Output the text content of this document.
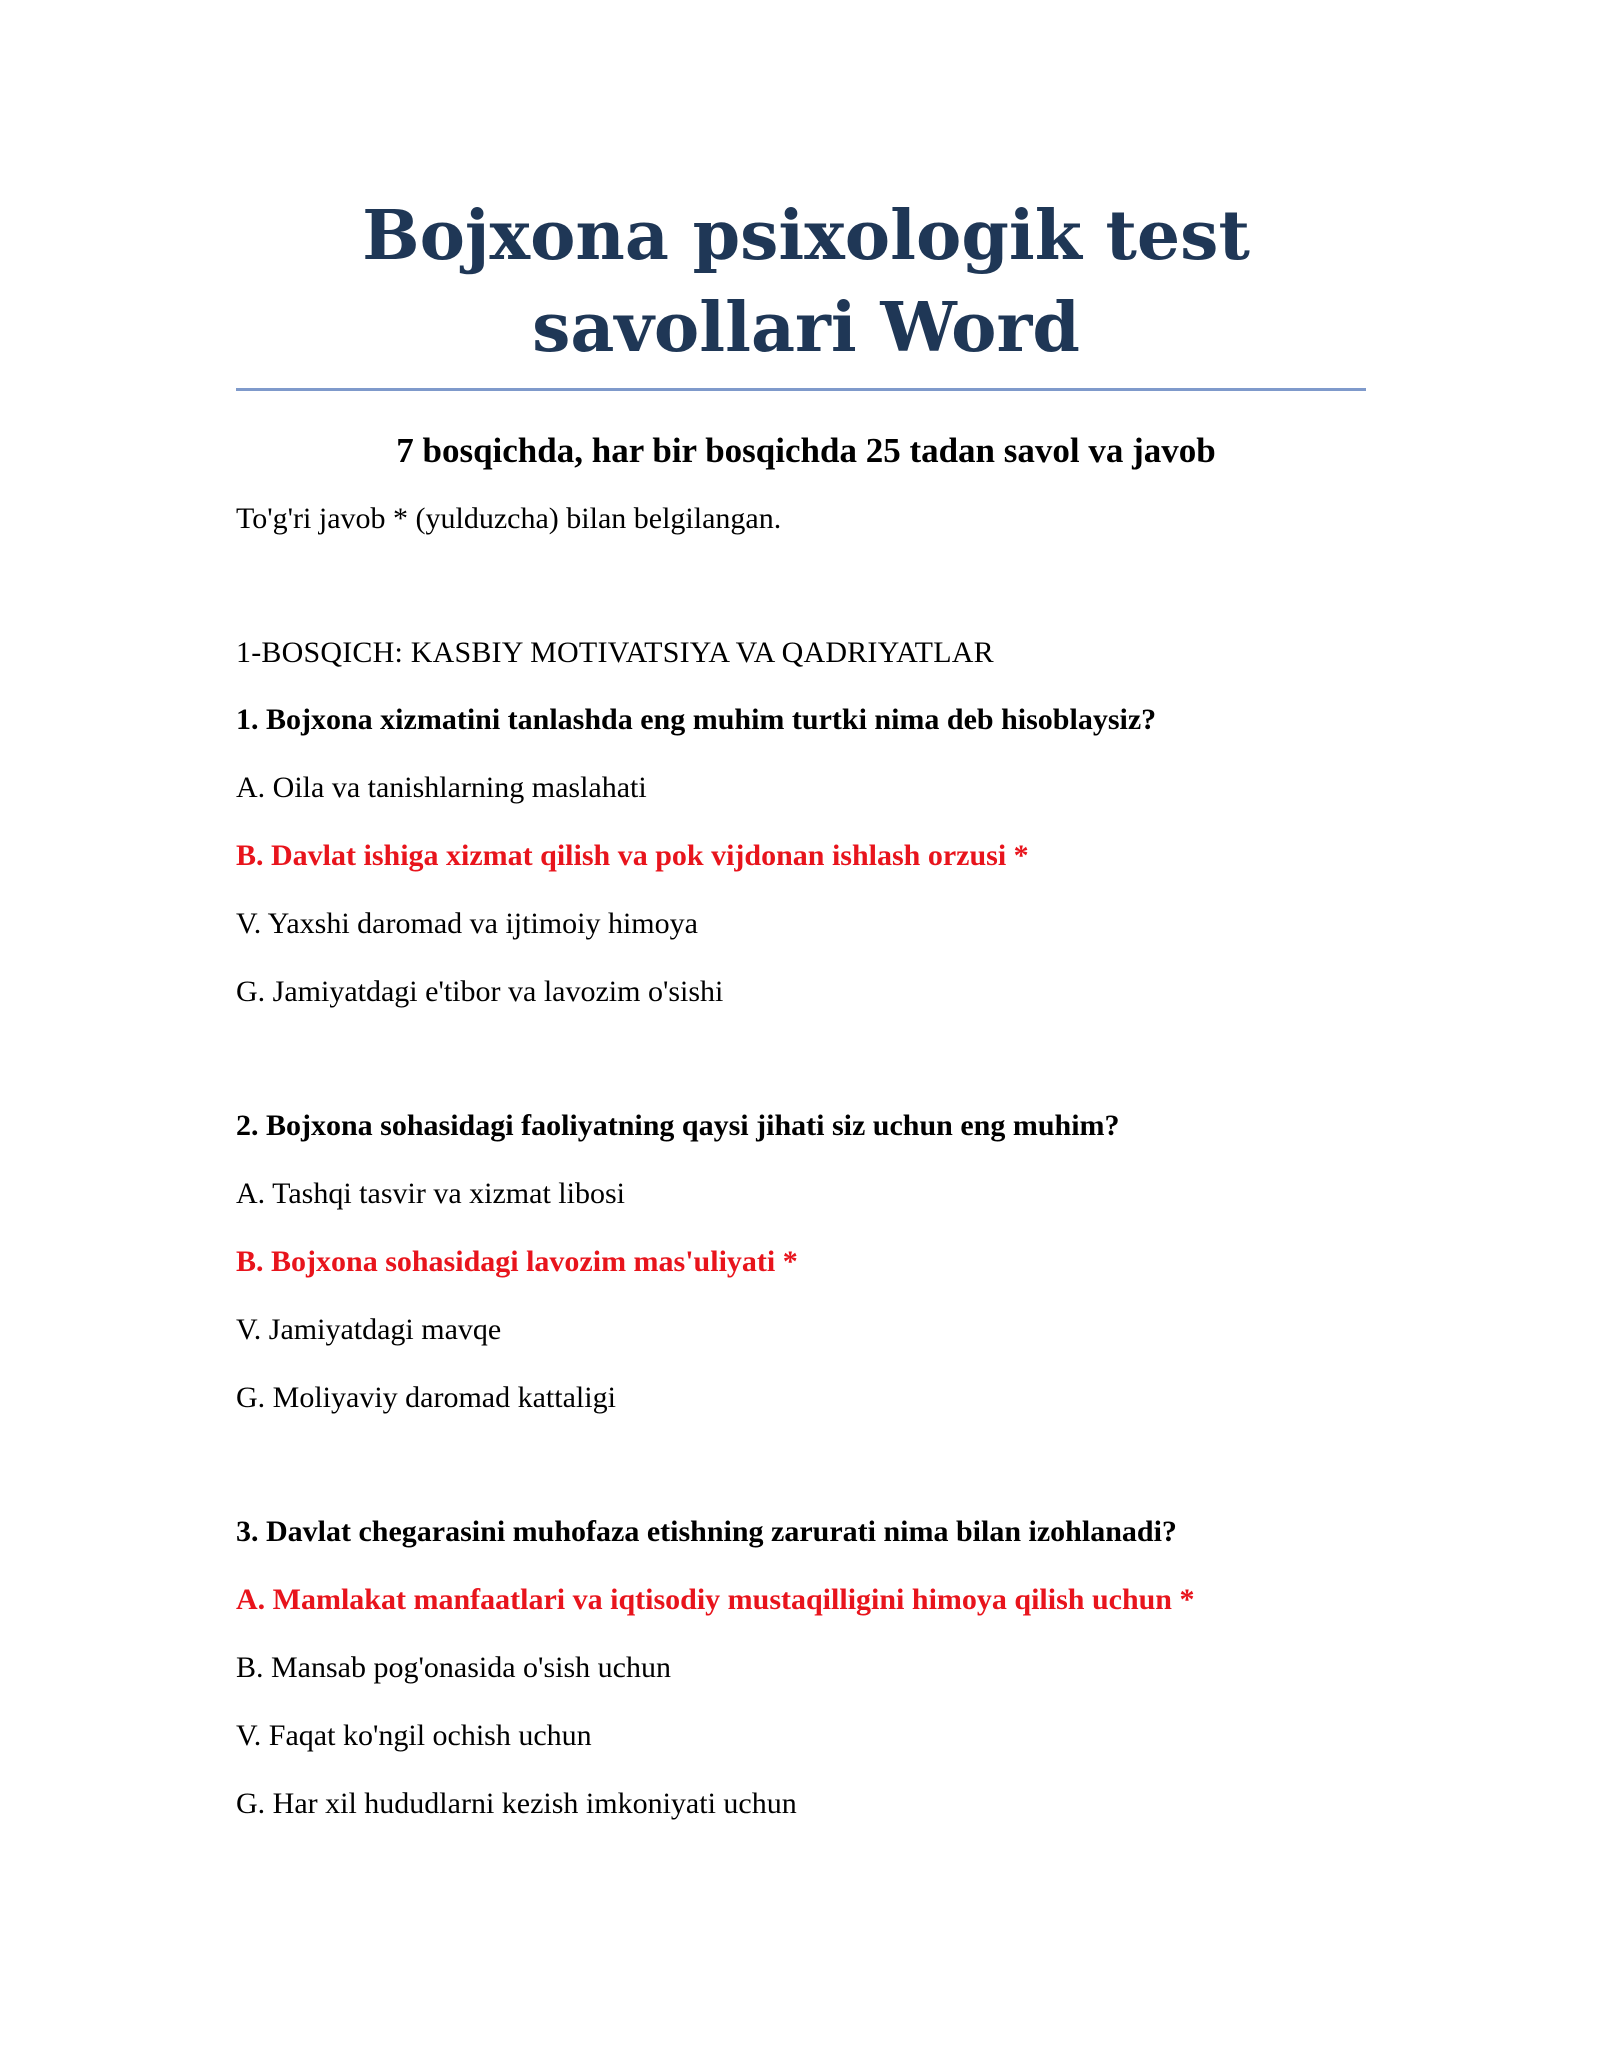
Bojxona psixologik test
savollari Word

7 bosqichda, har bir bosqichda 25 tadan savol va javob

To'g'ri javob * (yulduzcha) bilan belgilangan.

1-BOSQICH: KASBIY MOTIVATSIYA VA QADRIYATLAR

1. Bojxona xizmatini tanlashda eng muhim turtki nima deb hisoblaysiz?

A. Oila va tanishlarning maslahati

B. Davlat ishiga xizmat qilish va pok vijdonan ishlash orzusi *

V. Yaxshi daromad va ijtimoiy himoya

G. Jamiyatdagi e'tibor va lavozim o'sishi

2. Bojxona sohasidagi faoliyatning qaysi jihati siz uchun eng muhim?

A. Tashqi tasvir va xizmat libosi

B. Bojxona sohasidagi lavozim mas'uliyati *

V. Jamiyatdagi mavqe

G. Moliyaviy daromad kattaligi

3. Davlat chegarasini muhofaza etishning zarurati nima bilan izohlanadi?

A. Mamlakat manfaatlari va iqtisodiy mustaqilligini himoya qilish uchun *

B. Mansab pog'onasida o'sish uchun

V. Faqat ko'ngil ochish uchun

G. Har xil hududlarni kezish imkoniyati uchun
